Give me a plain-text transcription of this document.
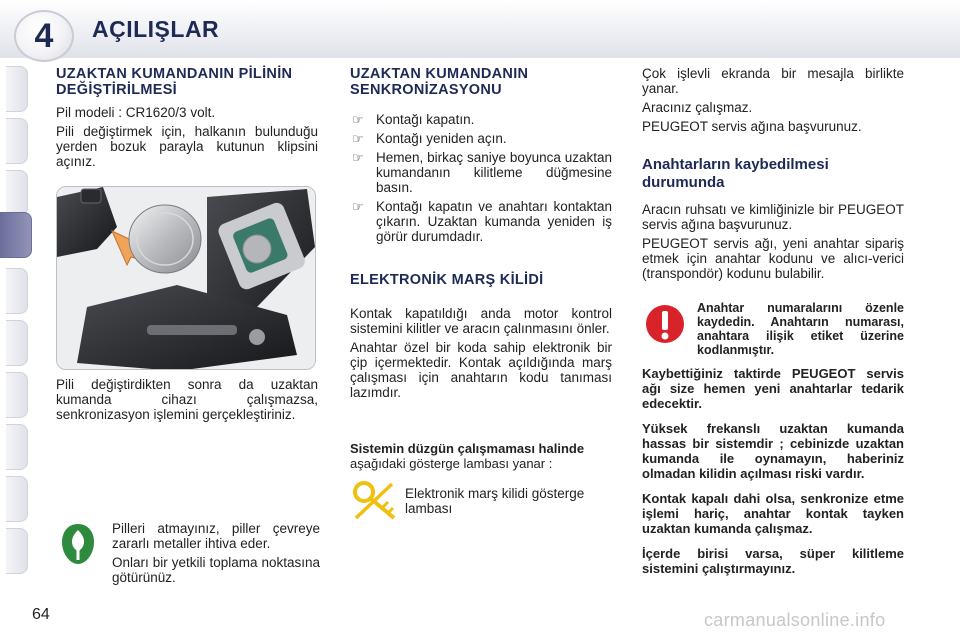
4 AÇILIŞLAR
UZAKTAN KUMANDANIN PİLİNİN DEĞİŞTİRİLMESİ

Pil modeli : CR1620/3 volt.

Pili değiştirmek için, halkanın bulunduğu yerden bozuk parayla kutunun klipsini açınız.

Pili değiştirdikten sonra da uzaktan kumanda cihazı çalışmazsa, senkronizasyon işlemini gerçekleştiriniz.

Pilleri atmayınız, piller çevreye zararlı metaller ihtiva eder.

Onları bir yetkili toplama noktasına götürünüz.

UZAKTAN KUMANDANIN SENKRONİZASYONU
☞ Kontağı kapatın.
☞ Kontağı yeniden açın.
☞ Hemen, birkaç saniye boyunca uzaktan kumandanın kilitleme düğmesine basın.
☞ Kontağı kapatın ve anahtarı kontaktan çıkarın. Uzaktan kumanda yeniden iş görür durumdadır.
ELEKTRONİK MARŞ KİLİDİ

Kontak kapatıldığı anda motor kontrol sistemini kilitler ve aracın çalınmasını önler.

Anahtar özel bir koda sahip elektronik bir çip içermektedir. Kontak açıldığında marş çalışması için anahtarın kodu tanıması lazımdır.

Sistemin düzgün çalışmaması halinde
aşağıdaki gösterge lambası yanar :
Elektronik marş kilidi gösterge lambası

Çok işlevli ekranda bir mesajla birlikte yanar.

Aracınız çalışmaz.

PEUGEOT servis ağına başvurunuz.

Anahtarların kaybedilmesi durumunda

Aracın ruhsatı ve kimliğinizle bir PEUGEOT servis ağına başvurunuz.

PEUGEOT servis ağı, yeni anahtar sipariş etmek için anahtar kodunu ve alıcı-verici (transpondör) kodunu bulabilir.

Anahtar numaralarını özenle kaydedin. Anahtarın numarası, anahtara ilişik etiket üzerine kodlanmıştır.

Kaybettiğiniz taktirde PEUGEOT servis ağı size hemen yeni anahtarlar tedarik edecektir.

Yüksek frekanslı uzaktan kumanda hassas bir sistemdir ; cebinizde uzaktan kumanda ile oynamayın, haberiniz olmadan kilidin açılması riski vardır.

Kontak kapalı dahi olsa, senkronize etme işlemi hariç, anahtar kontak tayken uzaktan kumanda çalışmaz.

İçerde birisi varsa, süper kilitleme sistemini çalıştırmayınız.

64	carmanualsonline.info
